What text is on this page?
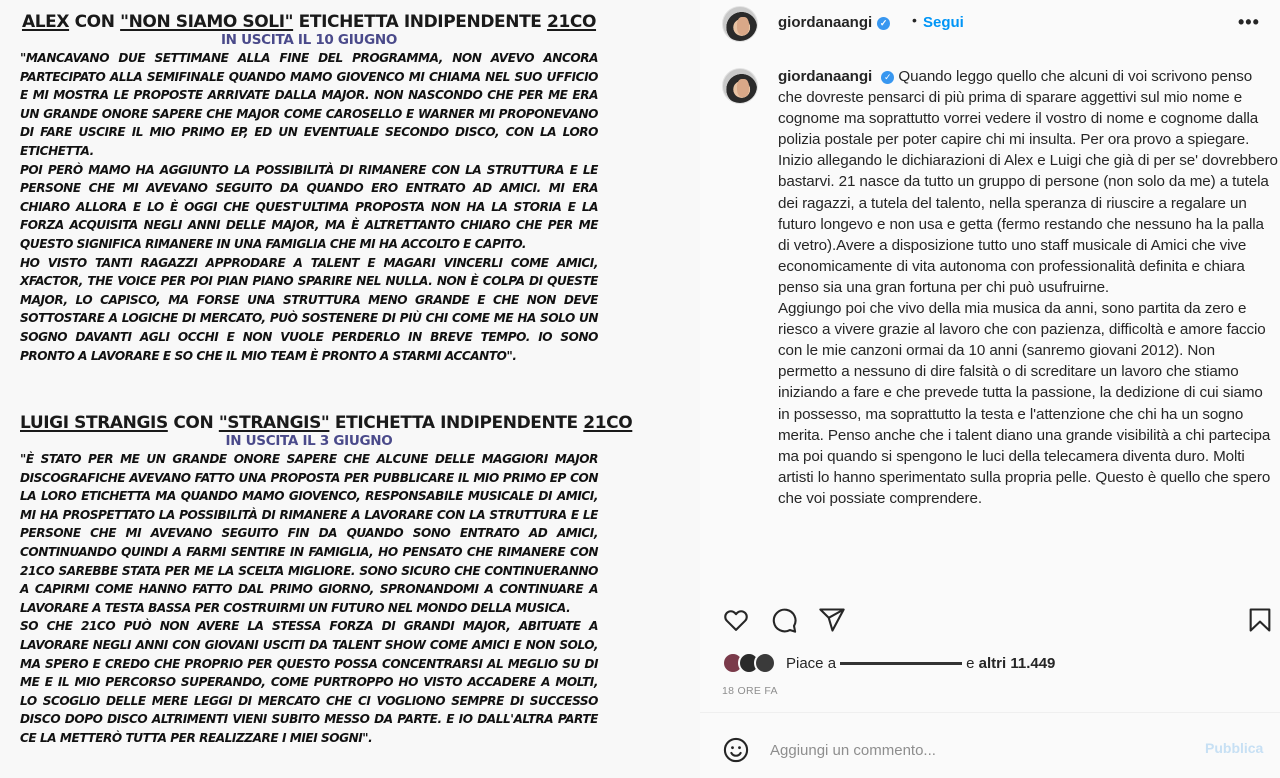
ALEX CON "NON SIAMO SOLI" ETICHETTA INDIPENDENTE 21CO
IN USCITA IL 10 GIUGNO

"MANCAVANO DUE SETTIMANE ALLA FINE DEL PROGRAMMA, NON AVEVO ANCORA PARTECIPATO ALLA SEMIFINALE QUANDO MAMO GIOVENCO MI CHIAMA NEL SUO UFFICIO E MI MOSTRA LE PROPOSTE ARRIVATE DALLA MAJOR. NON NASCONDO CHE PER ME ERA UN GRANDE ONORE SAPERE CHE MAJOR COME CAROSELLO E WARNER MI PROPONEVANO DI FARE USCIRE IL MIO PRIMO EP, ED UN EVENTUALE SECONDO DISCO, CON LA LORO ETICHETTA.

POI PERÒ MAMO HA AGGIUNTO LA POSSIBILITÀ DI RIMANERE CON LA STRUTTURA E LE PERSONE CHE MI AVEVANO SEGUITO DA QUANDO ERO ENTRATO AD AMICI. MI ERA CHIARO ALLORA E LO È OGGI CHE QUEST'ULTIMA PROPOSTA NON HA LA STORIA E LA FORZA ACQUISITA NEGLI ANNI DELLE MAJOR, MA È ALTRETTANTO CHIARO CHE PER ME QUESTO SIGNIFICA RIMANERE IN UNA FAMIGLIA CHE MI HA ACCOLTO E CAPITO.

HO VISTO TANTI RAGAZZI APPRODARE A TALENT E MAGARI VINCERLI COME AMICI, XFACTOR, THE VOICE PER POI PIAN PIANO SPARIRE NEL NULLA. NON È COLPA DI QUESTE MAJOR, LO CAPISCO, MA FORSE UNA STRUTTURA MENO GRANDE E CHE NON DEVE SOTTOSTARE A LOGICHE DI MERCATO, PUÒ SOSTENERE DI PIÙ CHI COME ME HA SOLO UN SOGNO DAVANTI AGLI OCCHI E NON VUOLE PERDERLO IN BREVE TEMPO. IO SONO PRONTO A LAVORARE E SO CHE IL MIO TEAM È PRONTO A STARMI ACCANTO".

LUIGI STRANGIS CON "STRANGIS" ETICHETTA INDIPENDENTE 21CO
IN USCITA IL 3 GIUGNO

"È STATO PER ME UN GRANDE ONORE SAPERE CHE ALCUNE DELLE MAGGIORI MAJOR DISCOGRAFICHE AVEVANO FATTO UNA PROPOSTA PER PUBBLICARE IL MIO PRIMO EP CON LA LORO ETICHETTA MA QUANDO MAMO GIOVENCO, RESPONSABILE MUSICALE DI AMICI, MI HA PROSPETTATO LA POSSIBILITÀ DI RIMANERE A LAVORARE CON LA STRUTTURA E LE PERSONE CHE MI AVEVANO SEGUITO FIN DA QUANDO SONO ENTRATO AD AMICI, CONTINUANDO QUINDI A FARMI SENTIRE IN FAMIGLIA, HO PENSATO CHE RIMANERE CON 21CO SAREBBE STATA PER ME LA SCELTA MIGLIORE. SONO SICURO CHE CONTINUERANNO A CAPIRMI COME HANNO FATTO DAL PRIMO GIORNO, SPRONANDOMI A CONTINUARE A LAVORARE A TESTA BASSA PER COSTRUIRMI UN FUTURO NEL MONDO DELLA MUSICA.

SO CHE 21CO PUÒ NON AVERE LA STESSA FORZA DI GRANDI MAJOR, ABITUATE A LAVORARE NEGLI ANNI CON GIOVANI USCITI DA TALENT SHOW COME AMICI E NON SOLO, MA SPERO E CREDO CHE PROPRIO PER QUESTO POSSA CONCENTRARSI AL MEGLIO SU DI ME E IL MIO PERCORSO SUPERANDO, COME PURTROPPO HO VISTO ACCADERE A MOLTI, LO SCOGLIO DELLE MERE LEGGI DI MERCATO CHE CI VOGLIONO SEMPRE DI SUCCESSO DISCO DOPO DISCO ALTRIMENTI VIENI SUBITO MESSO DA PARTE. E IO DALL'ALTRA PARTE CE LA METTERÒ TUTTA PER REALIZZARE I MIEI SOGNI".

giordanaangi ✓ • Segui	•••

giordanaangi ✓ Quando leggo quello che alcuni di voi scrivono penso che dovreste pensarci di più prima di sparare aggettivi sul mio nome e cognome ma soprattutto vorrei vedere il vostro di nome e cognome dalla polizia postale per poter capire chi mi insulta. Per ora provo a spiegare. Inizio allegando le dichiarazioni di Alex e Luigi che già di per se' dovrebbero bastarvi. 21 nasce da tutto un gruppo di persone (non solo da me) a tutela dei ragazzi, a tutela del talento, nella speranza di riuscire a regalare un futuro longevo e non usa e getta (fermo restando che nessuno ha la palla di vetro).Avere a disposizione tutto uno staff musicale di Amici che vive economicamente di vita autonoma con professionalità definita e chiara penso sia una gran fortuna per chi può usufruirne.

Aggiungo poi che vivo della mia musica da anni, sono partita da zero e riesco a vivere grazie al lavoro che con pazienza, difficoltà e amore faccio con le mie canzoni ormai da 10 anni (sanremo giovani 2012). Non permetto a nessuno di dire falsità o di screditare un lavoro che stiamo iniziando a fare e che prevede tutta la passione, la dedizione di cui siamo in possesso, ma soprattutto la testa e l'attenzione che chi ha un sogno merita. Penso anche che i talent diano una grande visibilità a chi partecipa ma poi quando si spengono le luci della telecamera diventa duro. Molti artisti lo hanno sperimentato sulla propria pelle. Questo è quello che spero che voi possiate comprendere.

Piace a	e altri 11.449
18 ORE FA
Aggiungi un commento...
Pubblica
